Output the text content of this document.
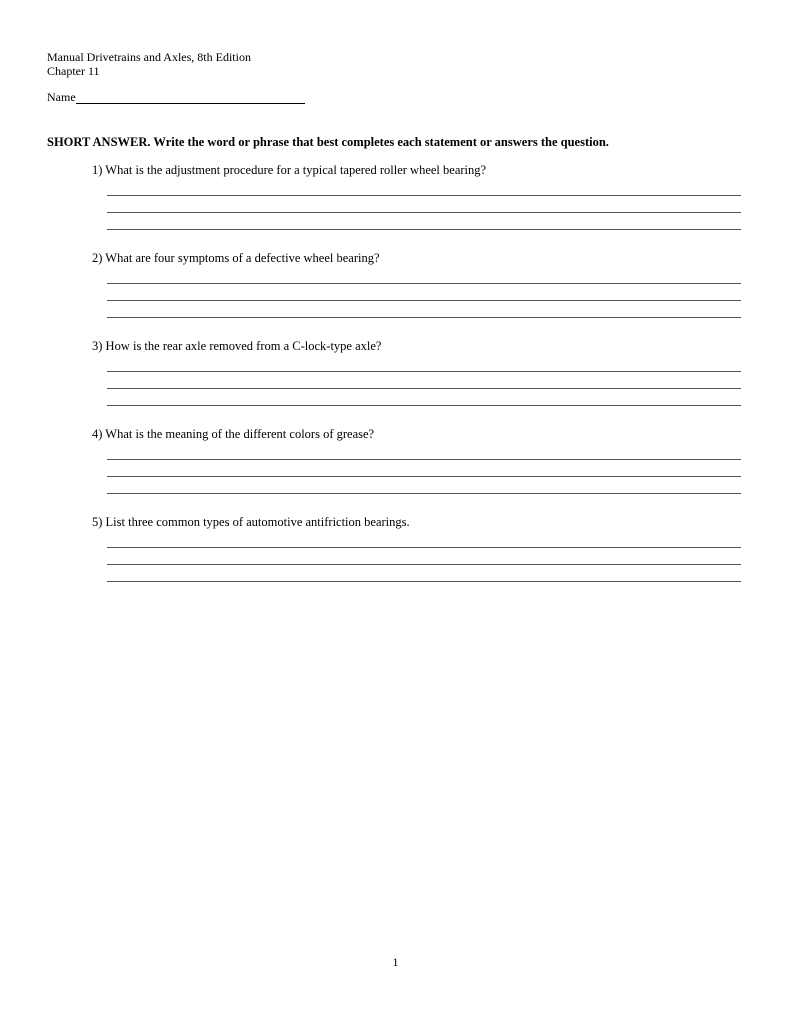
Manual Drivetrains and Axles, 8th Edition
Chapter 11
Name
SHORT ANSWER. Write the word or phrase that best completes each statement or answers the question.
1) What is the adjustment procedure for a typical tapered roller wheel bearing?
2) What are four symptoms of a defective wheel bearing?
3) How is the rear axle removed from a C-lock-type axle?
4) What is the meaning of the different colors of grease?
5) List three common types of automotive antifriction bearings.
1
